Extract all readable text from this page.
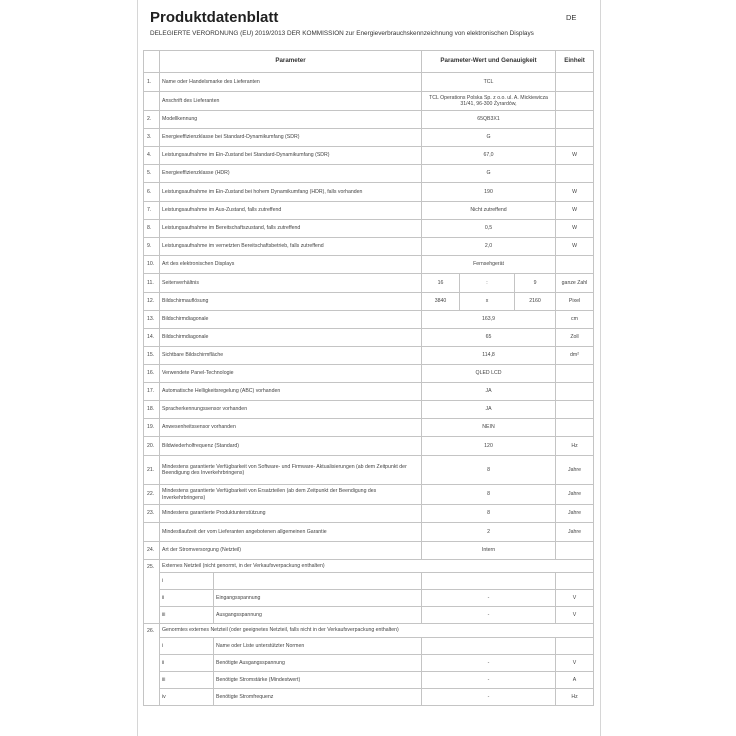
Produktdatenblatt	DE
DELEGIERTE VERORDNUNG (EU) 2019/2013 DER KOMMISSION zur Energieverbrauchskennzeichnung von elektronischen Displays
	Parameter		Parameter-Wert und Genauigkeit			Einheit
1.	Name oder Handelsmarke des Lieferanten		TCL			
	Anschrift des Lieferanten		TCL Operations Polska Sp. z o.o. ul. A. Mickiewicza 31/41, 96-300 Żyrardów,			
2.	Modellkennung		65QB3X1			
3.	Energieeffizienzklasse bei Standard-Dynamikumfang (SDR)		G			
4.	Leistungsaufnahme im Ein-Zustand bei Standard-Dynamikumfang (SDR)		67,0			W
5.	Energieeffizienzklasse (HDR)		G			
6.	Leistungsaufnahme im Ein-Zustand bei hohem Dynamikumfang (HDR), falls vorhanden		190			W
7.	Leistungsaufnahme im Aus-Zustand, falls zutreffend		Nicht zutreffend			W
8.	Leistungsaufnahme im Bereitschaftszustand, falls zutreffend		0,5			W
9.	Leistungsaufnahme im vernetzten Bereitschaftsbetrieb, falls zutreffend		2,0			W
10.	Art des elektronischen Displays		Fernsehgerät			
11.	Seitenverhältnis		16	:	9	ganze Zahl
12.	Bildschirmauflösung		3840	x	2160	Pixel
13.	Bildschirmdiagonale		163,9			cm
14.	Bildschirmdiagonale		65			Zoll
15.	Sichtbare Bildschirmfläche		114,8			dm²
16.	Verwendete Panel-Technologie		QLED LCD			
17.	Automatische Helligkeitsregelung (ABC) vorhanden		JA			
18.	Spracherkennungssensor vorhanden		JA			
19.	Anwesenheitssensor vorhanden		NEIN			
20.	Bildwiederholfrequenz (Standard)		120			Hz
21.	Mindestens garantierte Verfügbarkeit von Software- und Firmware- Aktualisierungen (ab dem Zeitpunkt der Beendigung des Inverkehrbringens)		8			Jahre
22.	Mindestens garantierte Verfügbarkeit von Ersatzteilen (ab dem Zeitpunkt der Beendigung des Inverkehrbringens)		8			Jahre
23.	Mindestens garantierte Produktunterstützung		8			Jahre
	Mindestlaufzeit der vom Lieferanten angebotenen allgemeinen Garantie		2			Jahre
24.	Art der Stromversorgung (Netzteil)		Intern			
25.	Externes Netzteil (nicht genormt, in der Verkaufsverpackung enthalten)					
	i					
	ii	Eingangsspannung	-			V
	iii	Ausgangsspannung	-			V
26.	Genormtes externes Netzteil (oder geeignetes Netzteil, falls nicht in der Verkaufsverpackung enthalten)					
	i	Name oder Liste unterstützter Normen				
	ii	Benötigte Ausgangsspannung	-			V
	iii	Benötigte Stromstärke (Mindestwert)	-			A
	iv	Benötigte Stromfrequenz	-			Hz
